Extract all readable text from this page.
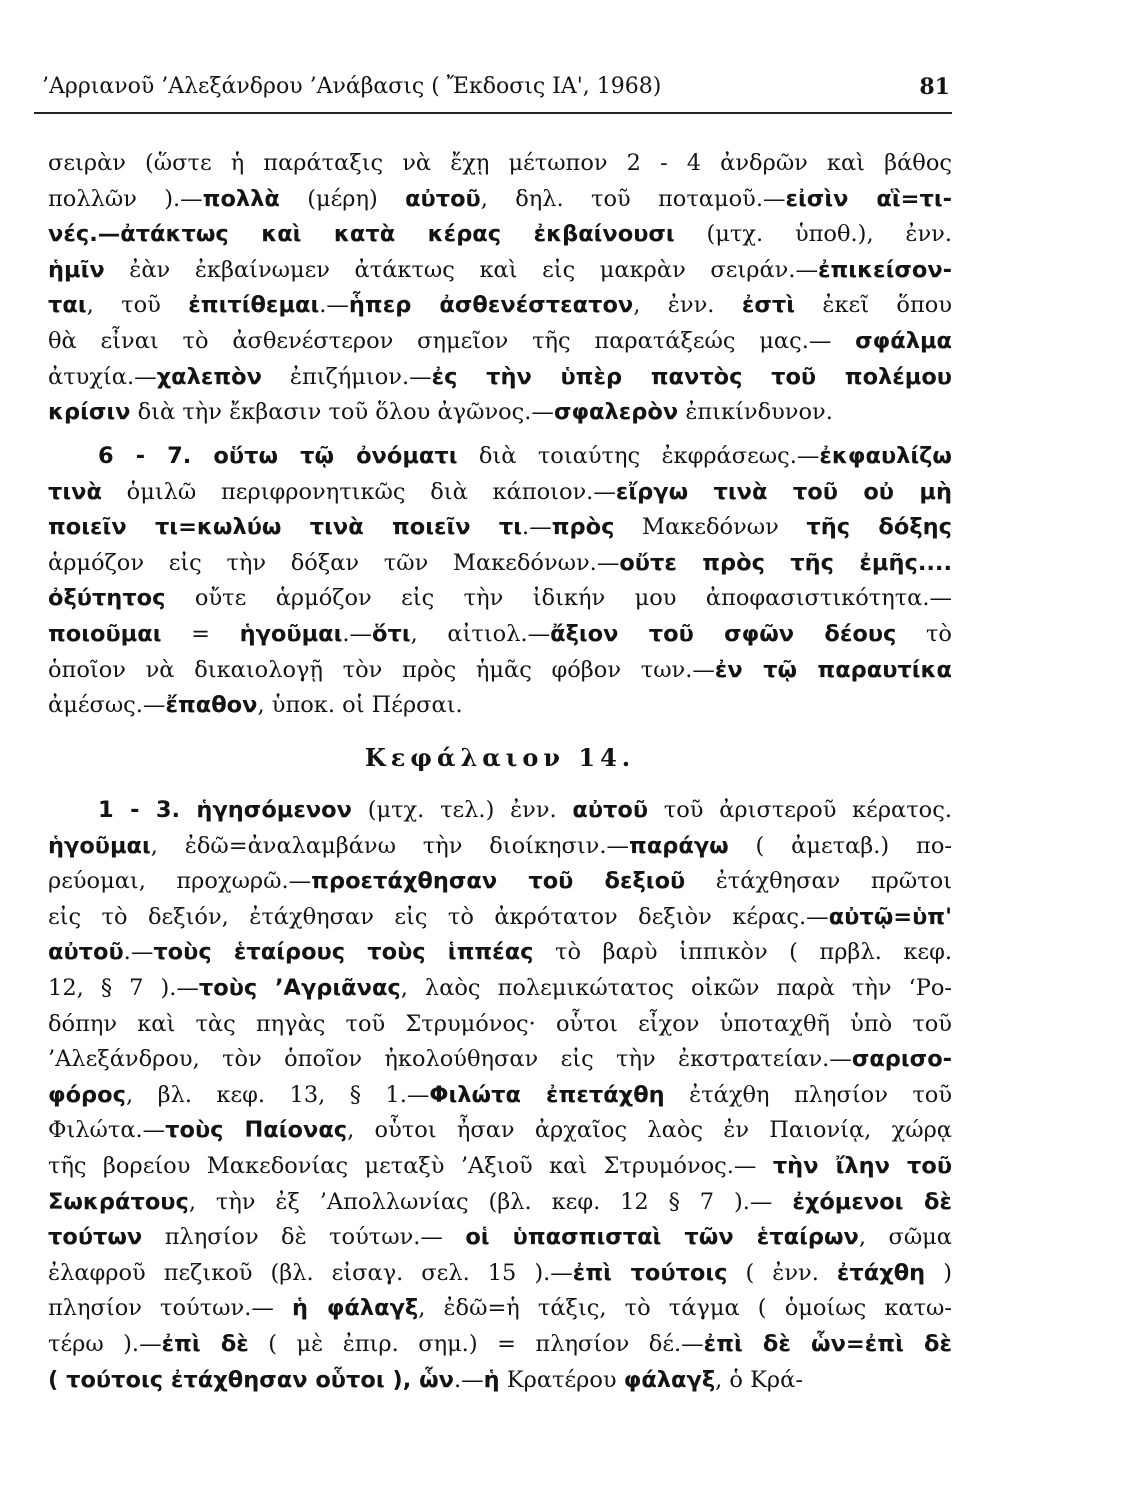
’Αρριανοῦ ’Αλεξάνδρου ’Ανάβασις ( Ἔκδοσις ΙΑ', 1968)	81
σειρὰν (ὥστε ἡ παράταξις νὰ ἔχῃ μέτωπον 2 - 4 ἀνδρῶν καὶ βάθος
πολλῶν ).—πολλὰ (μέρη) αὐτοῦ, δηλ. τοῦ ποταμοῦ.—εἰσὶν αἳ=τι-
νές.—ἀτάκτως καὶ κατὰ κέρας ἐκβαίνουσι (μτχ. ὑποθ.), ἐνν.
ἡμῖν ἐὰν ἐκβαίνωμεν ἀτάκτως καὶ εἰς μακρὰν σειράν.—ἐπικείσον-
ται, τοῦ ἐπιτίθεμαι.—ἧπερ ἀσθενέστεατον, ἐνν. ἐστὶ ἐκεῖ ὅπου
θὰ εἶναι τὸ ἀσθενέστερον σημεῖον τῆς παρατάξεώς μας.— σφάλμα
ἀτυχία.—χαλεπὸν ἐπιζήμιον.—ἐς τὴν ὑπὲρ παντὸς τοῦ πολέμου
κρίσιν διὰ τὴν ἔκβασιν τοῦ ὅλου ἀγῶνος.—σφαλερὸν ἐπικίνδυνον.
6 - 7. οὕτω τῷ ὀνόματι διὰ τοιαύτης ἐκφράσεως.—ἐκφαυλίζω
τινὰ ὁμιλῶ περιφρονητικῶς διὰ κάποιον.—εἴργω τινὰ τοῦ οὐ μὴ
ποιεῖν τι=κωλύω τινὰ ποιεῖν τι.—πρὸς Μακεδόνων τῆς δόξης
ἁρμόζον εἰς τὴν δόξαν τῶν Μακεδόνων.—οὔτε πρὸς τῆς ἐμῆς....
ὀξύτητος οὔτε ἁρμόζον εἰς τὴν ἰδικήν μου ἀποφασιστικότητα.—
ποιοῦμαι = ἡγοῦμαι.—ὅτι, αἰτιολ.—ἄξιον τοῦ σφῶν δέους τὸ
ὁποῖον νὰ δικαιολογῇ τὸν πρὸς ἡμᾶς φόβον των.—ἐν τῷ παραυτίκα
ἀμέσως.—ἔπαθον, ὑποκ. οἱ Πέρσαι.
Κεφάλαιον 14.
1 - 3. ἡγησόμενον (μτχ. τελ.) ἐνν. αὐτοῦ τοῦ ἀριστεροῦ κέρατος.
ἡγοῦμαι, ἐδῶ=ἀναλαμβάνω τὴν διοίκησιν.—παράγω ( ἀμεταβ.) πο-
ρεύομαι, προχωρῶ.—προετάχθησαν τοῦ δεξιοῦ ἐτάχθησαν πρῶτοι
εἰς τὸ δεξιόν, ἐτάχθησαν εἰς τὸ ἀκρότατον δεξιὸν κέρας.—αὐτῷ=ὑπ'
αὐτοῦ.—τοὺς ἑταίρους τοὺς ἱππέας τὸ βαρὺ ἱππικὸν ( πρβλ. κεφ.
12, § 7 ).—τοὺς ’Αγριᾶνας, λαὸς πολεμικώτατος οἰκῶν παρὰ τὴν ‘Ρο-
δόπην καὶ τὰς πηγὰς τοῦ Στρυμόνος· οὗτοι εἶχον ὑποταχθῆ ὑπὸ τοῦ
’Αλεξάνδρου, τὸν ὁποῖον ἠκολούθησαν εἰς τὴν ἐκστρατείαν.—σαρισο-
φόρος, βλ. κεφ. 13, § 1.—Φιλώτα ἐπετάχθη ἐτάχθη πλησίον τοῦ
Φιλώτα.—τοὺς Παίονας, οὗτοι ἦσαν ἀρχαῖος λαὸς ἐν Παιονίᾳ, χώρᾳ
τῆς βορείου Μακεδονίας μεταξὺ ’Αξιοῦ καὶ Στρυμόνος.— τὴν ἴλην τοῦ
Σωκράτους, τὴν ἐξ ’Απολλωνίας (βλ. κεφ. 12 § 7 ).— ἐχόμενοι δὲ
τούτων πλησίον δὲ τούτων.— οἱ ὑπασπισταὶ τῶν ἑταίρων, σῶμα
ἐλαφροῦ πεζικοῦ (βλ. εἰσαγ. σελ. 15 ).—ἐπὶ τούτοις ( ἐνν. ἐτάχθη )
πλησίον τούτων.— ἡ φάλαγξ, ἐδῶ=ἡ τάξις, τὸ τάγμα ( ὁμοίως κατω-
τέρω ).—ἐπὶ δὲ ( μὲ ἐπιρ. σημ.) = πλησίον δέ.—ἐπὶ δὲ ὧν=ἐπὶ δὲ
( τούτοις ἐτάχθησαν οὗτοι ), ὧν.—ἡ Κρατέρου φάλαγξ, ὁ Κρά-
